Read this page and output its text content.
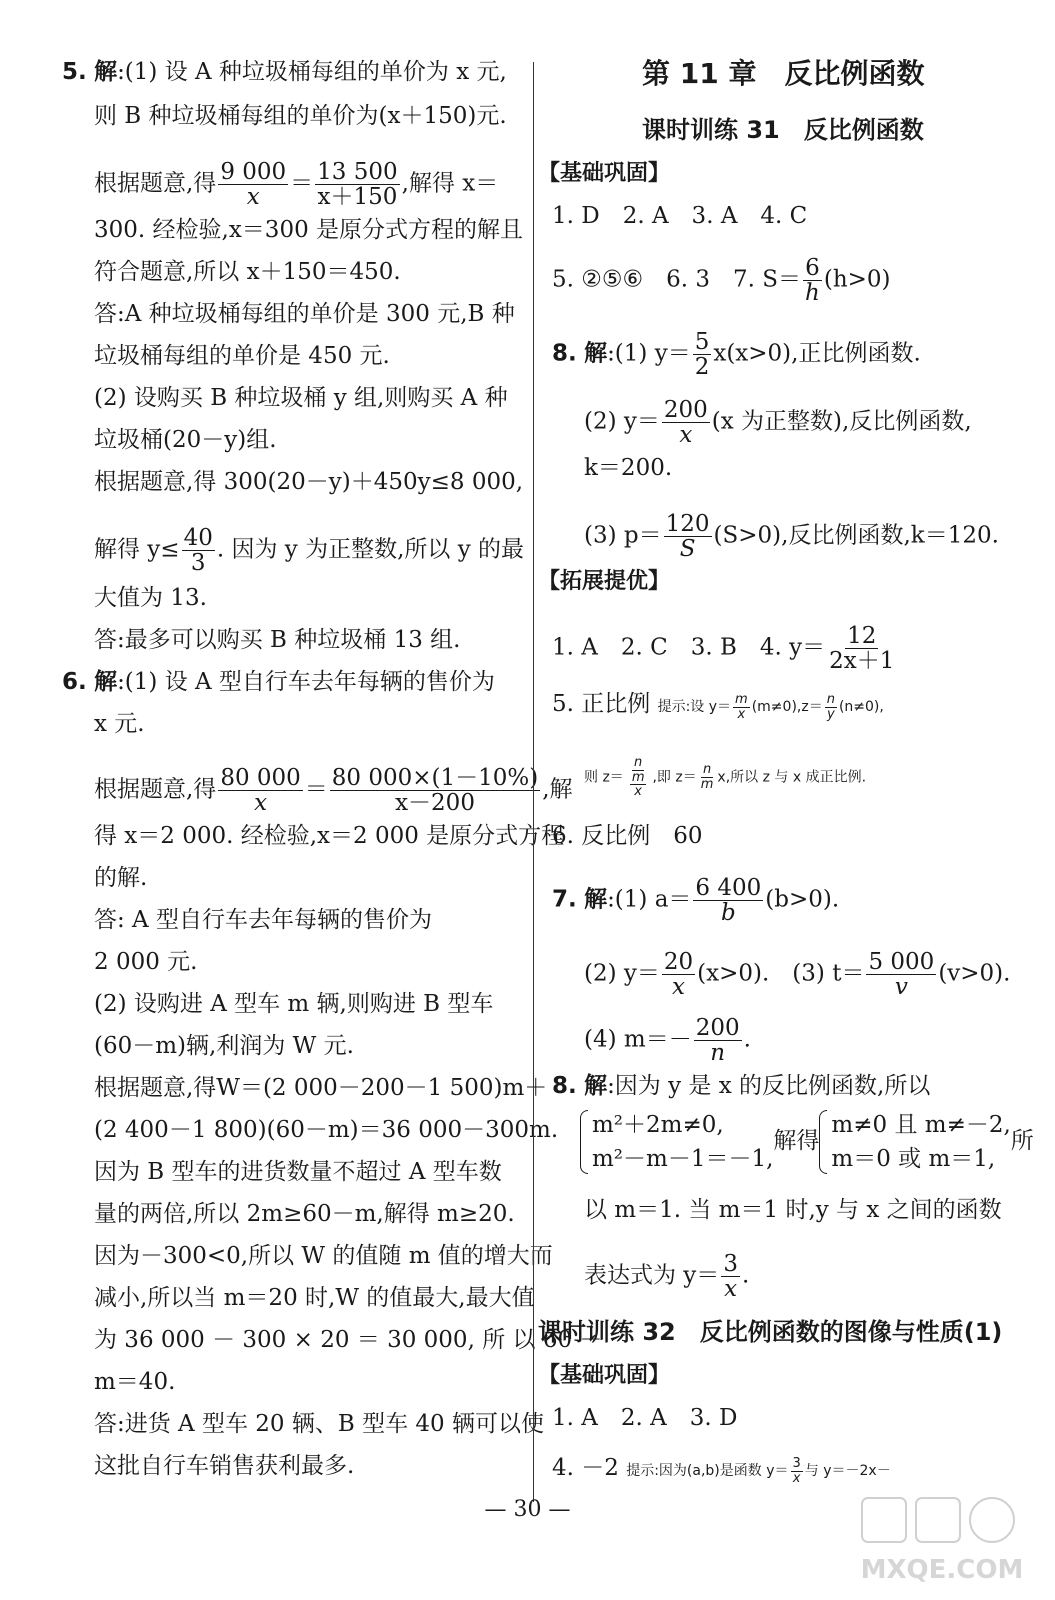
5. 解:(1) 设 A 种垃圾桶每组的单价为 x 元,
则 B 种垃圾桶每组的单价为(x＋150)元.
根据题意,得 $\frac{9 000}{x} = \frac{13 500}{x+150}$ ,解得 x＝
300. 经检验,x＝300 是原分式方程的解且
符合题意,所以 x＋150＝450.
答:A 种垃圾桶每组的单价是 300 元,B 种
垃圾桶每组的单价是 450 元.
(2) 设购买 B 种垃圾桶 y 组,则购买 A 种
垃圾桶(20－y)组.
根据题意,得 300(20－y)＋450y≤8 000,
解得 $y\le \frac{40}{3}$ . 因为 y 为正整数,所以 y 的最
大值为 13.
答:最多可以购买 B 种垃圾桶 13 组.
6. 解:(1) 设 A 型自行车去年每辆的售价为
x 元.
根据题意,得 $\frac{80 000}{x} = \frac{80 000\times(1-10\%)}{x-200}$ ,解
得 x＝2 000. 经检验,x＝2 000 是原分式方程
的解.
答: A 型自行车去年每辆的售价为
2 000 元.
(2) 设购进 A 型车 m 辆,则购进 B 型车
(60－m)辆,利润为 W 元.
根据题意,得W＝(2 000－200－1 500)m＋
(2 400－1 800)(60－m)＝36 000－300m.
因为 B 型车的进货数量不超过 A 型车数
量的两倍,所以 2m≥60－m,解得 m≥20.
因为－300<0,所以 W 的值随 m 值的增大而
减小,所以当 m＝20 时,W 的值最大,最大值
为 36 000 － 300 × 20 ＝ 30 000, 所 以 60 －
m＝40.
答:进货 A 型车 20 辆、B 型车 40 辆可以使
这批自行车销售获利最多.
第 11 章　反比例函数
课时训练 31　反比例函数
【基础巩固】
1. D　2. A　3. A　4. C
5. ②⑤⑥　6. 3　7. $S= \frac{6}{h} (h>0)$
8. 解:(1) $y= \frac{5}{2} x(x>0)$,正比例函数.
(2) $y= \frac{200}{x} (x$ 为正整数),反比例函数,
k＝200.
(3) $p= \frac{120}{S} (S>0)$,反比例函数,k＝120.
【拓展提优】
1. A　2. C　3. B　4. $y= \frac{12}{2x+1}$
5. 正比例 提示:设 $y= \frac{m}{x} (m\ne 0),z= \frac{n}{y} (n\ne 0)$,
则 $z= \frac{n}{\frac{m}{x}}$ ,即 $z= \frac{n}{m} x$,所以 z 与 x 成正比例.
6. 反比例　60
7. 解:(1) $a= \frac{6 400}{b} (b>0)$.
(2) $y= \frac{20}{x} (x>0)$.　(3) $t= \frac{5 000}{v} (v>0)$.
(4) $m=- \frac{200}{n}$ .
8. 解:因为 y 是 x 的反比例函数,所以
m²＋2m≠0,
m²－m－1＝－1,
解得
m≠0 且 m≠－2,
m＝0 或 m＝1,
所
以 m＝1. 当 m＝1 时,y 与 x 之间的函数
表达式为 $y= \frac{3}{x}$ .
课时训练 32　反比例函数的图像与性质(1)
【基础巩固】
1. A　2. A　3. D
4. －2 提示:因为(a,b)是函数 $y= \frac{3}{x}$ 与 y＝－2x－
— 30 —
MXQE.COM
